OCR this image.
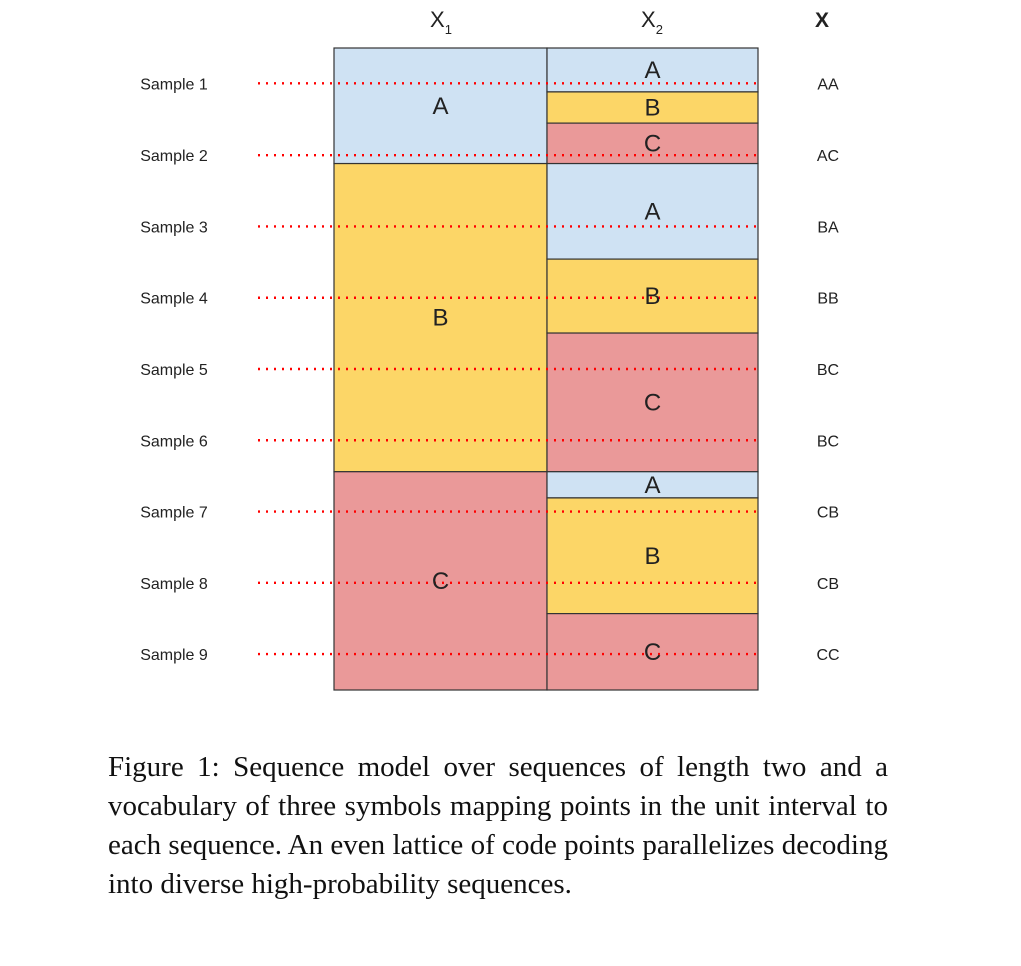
A
B
C
A
A
B
C
B
A
B
C
C
Sample 1	AA
Sample 2	AC
Sample 3	BA
Sample 4	BB
Sample 5	BC
Sample 6	BC
Sample 7	CB
Sample 8	CB
Sample 9	CC
$X_1$	$X_2$	X

Figure 1: Sequence model over sequences of length two and a vocabulary of three symbols mapping points in the unit interval to each sequence. An even lattice of code points parallelizes decoding into diverse high-probability sequences.
